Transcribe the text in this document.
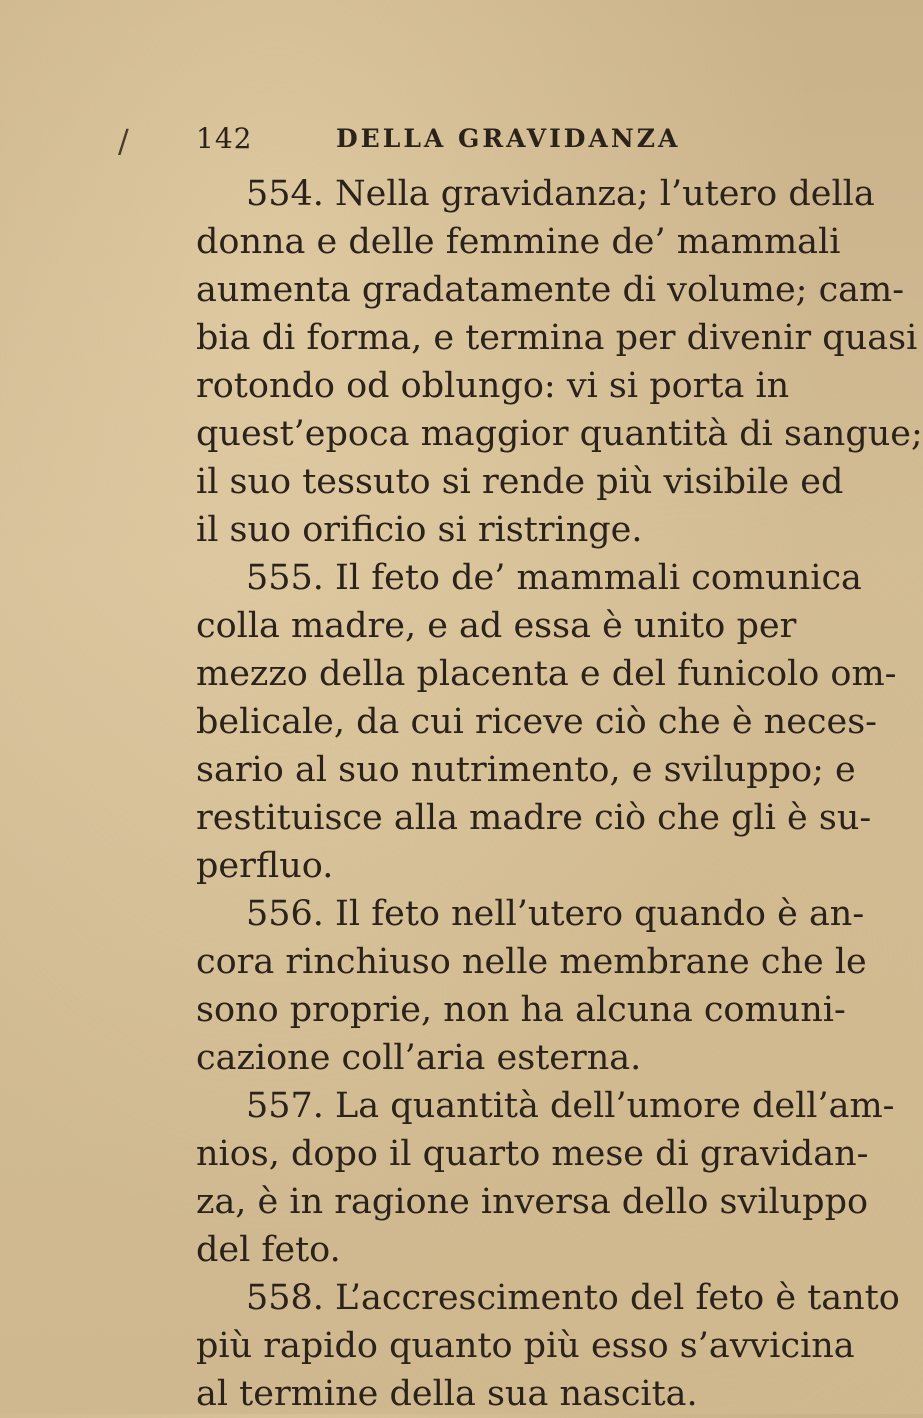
/ 142	DELLA GRAVIDANZA
554. Nella gravidanza; l’utero della
donna e delle femmine de’ mammali
aumenta gradatamente di volume; cam-
bia di forma, e termina per divenir quasi
rotondo od oblungo: vi si porta in
quest’epoca maggior quantità di sangue;
il suo tessuto si rende più visibile ed
il suo orificio si ristringe.
555. Il feto de’ mammali comunica
colla madre, e ad essa è unito per
mezzo della placenta e del funicolo om-
belicale, da cui riceve ciò che è neces-
sario al suo nutrimento, e sviluppo; e
restituisce alla madre ciò che gli è su-
perfluo.
556. Il feto nell’utero quando è an-
cora rinchiuso nelle membrane che le
sono proprie, non ha alcuna comuni-
cazione coll’aria esterna.
557. La quantità dell’umore dell’am-
nios, dopo il quarto mese di gravidan-
za, è in ragione inversa dello sviluppo
del feto.
558. L’accrescimento del feto è tanto
più rapido quanto più esso s’avvicina
al termine della sua nascita.
